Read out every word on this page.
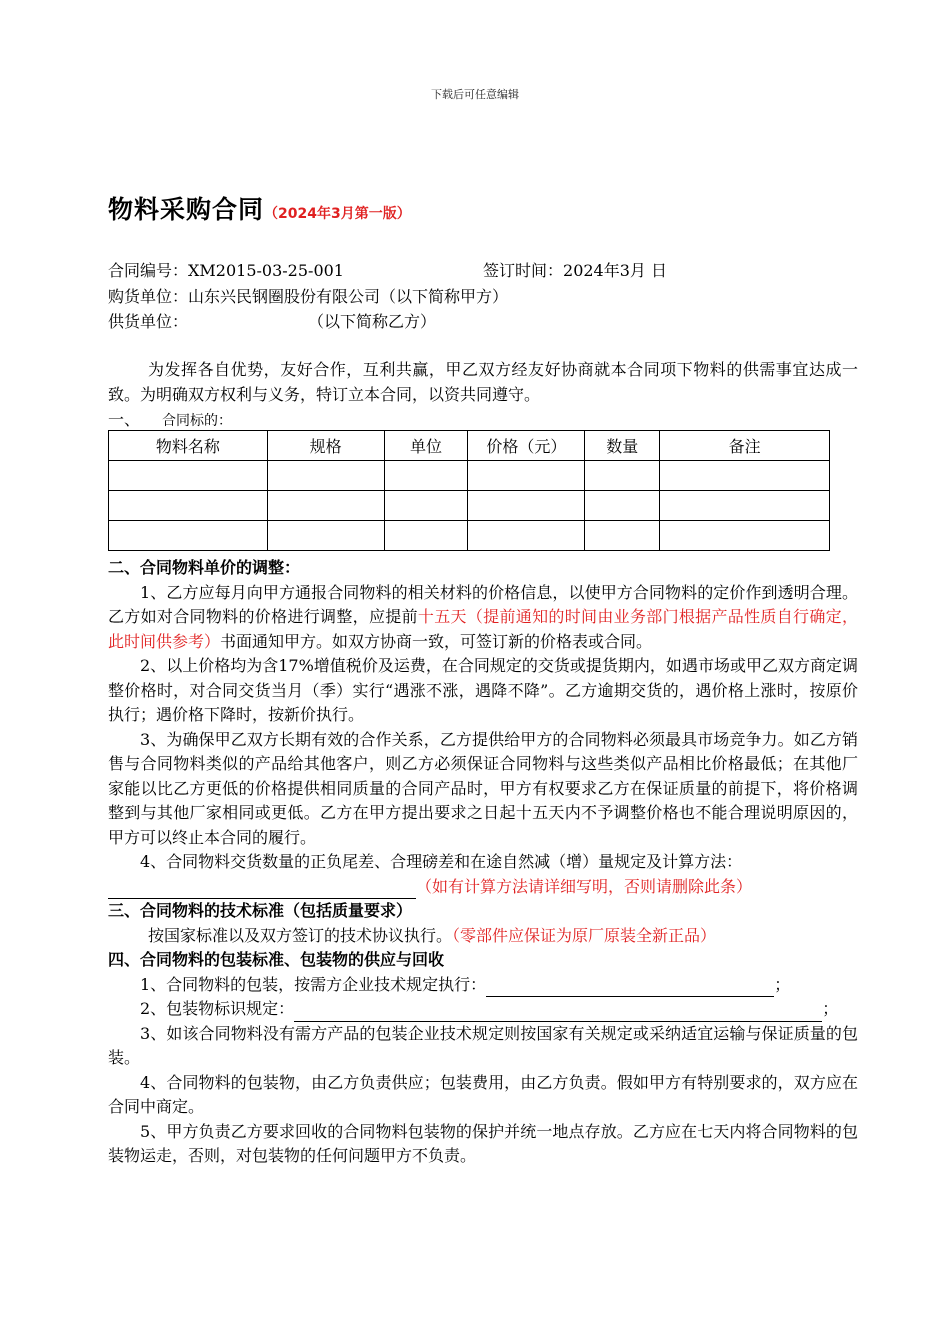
下载后可任意编辑
物料采购合同（2024年3月第一版）
合同编号：XM2015-03-25-001	签订时间：2024年3月 日
购货单位：山东兴民钢圈股份有限公司（以下简称甲方）
供货单位：	（以下简称乙方）

为发挥各自优势，友好合作，互利共赢，甲乙双方经友好协商就本合同项下物料的供需事宜达成一致。为明确双方权利与义务，特订立本合同，以资共同遵守。

一、 合同标的：
物料名称	规格	单位	价格（元）	数量	备注

二、合同物料单价的调整：

1、乙方应每月向甲方通报合同物料的相关材料的价格信息，以使甲方合同物料的定价作到透明合理。乙方如对合同物料的价格进行调整，应提前十五天（提前通知的时间由业务部门根据产品性质自行确定，此时间供参考）书面通知甲方。如双方协商一致，可签订新的价格表或合同。

2、以上价格均为含17%增值税价及运费，在合同规定的交货或提货期内，如遇市场或甲乙双方商定调整价格时，对合同交货当月（季）实行“遇涨不涨，遇降不降”。乙方逾期交货的，遇价格上涨时，按原价执行；遇价格下降时，按新价执行。

3、为确保甲乙双方长期有效的合作关系，乙方提供给甲方的合同物料必须最具市场竞争力。如乙方销售与合同物料类似的产品给其他客户，则乙方必须保证合同物料与这些类似产品相比价格最低；在其他厂家能以比乙方更低的价格提供相同质量的合同产品时，甲方有权要求乙方在保证质量的前提下，将价格调整到与其他厂家相同或更低。乙方在甲方提出要求之日起十五天内不予调整价格也不能合理说明原因的，甲方可以终止本合同的履行。

4、合同物料交货数量的正负尾差、合理磅差和在途自然减（增）量规定及计算方法：

（如有计算方法请详细写明，否则请删除此条）

三、合同物料的技术标准（包括质量要求）

按国家标准以及双方签订的技术协议执行。（零部件应保证为原厂原装全新正品）

四、合同物料的包装标准、包装物的供应与回收

1、合同物料的包装，按需方企业技术规定执行：	；

2、包装物标识规定：	；

3、如该合同物料没有需方产品的包装企业技术规定则按国家有关规定或采纳适宜运输与保证质量的包装。

4、合同物料的包装物，由乙方负责供应；包装费用，由乙方负责。假如甲方有特别要求的，双方应在合同中商定。

5、甲方负责乙方要求回收的合同物料包装物的保护并统一地点存放。乙方应在七天内将合同物料的包装物运走，否则，对包装物的任何问题甲方不负责。
